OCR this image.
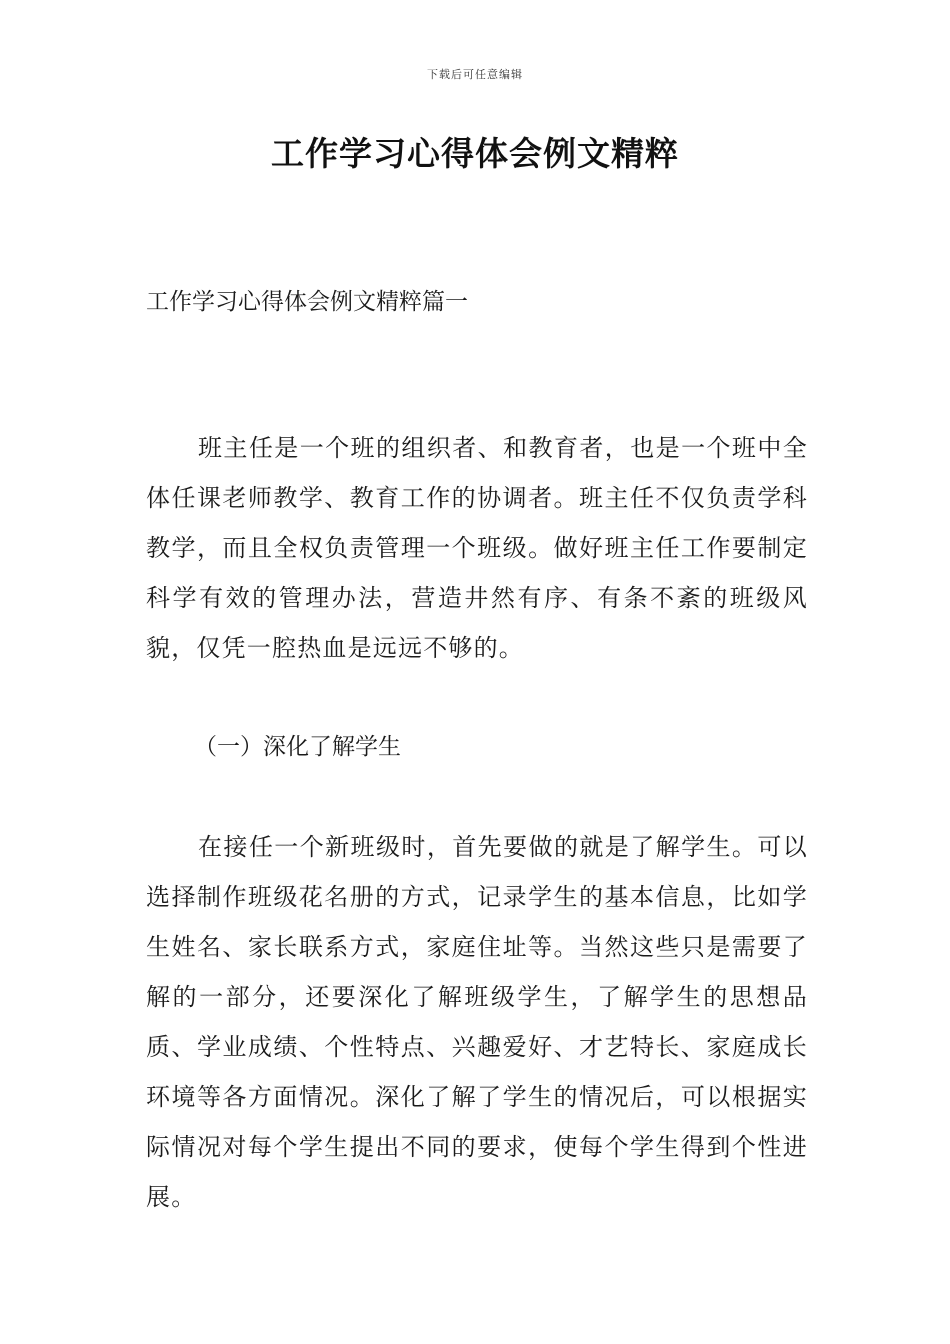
下载后可任意编辑
工作学习心得体会例文精粹
工作学习心得体会例文精粹篇一

班主任是一个班的组织者、和教育者，也是一个班中全体任课老师教学、教育工作的协调者。班主任不仅负责学科教学，而且全权负责管理一个班级。做好班主任工作要制定科学有效的管理办法，营造井然有序、有条不紊的班级风貌，仅凭一腔热血是远远不够的。

（一）深化了解学生

在接任一个新班级时，首先要做的就是了解学生。可以选择制作班级花名册的方式，记录学生的基本信息，比如学生姓名、家长联系方式，家庭住址等。当然这些只是需要了解的一部分，还要深化了解班级学生，了解学生的思想品质、学业成绩、个性特点、兴趣爱好、才艺特长、家庭成长环境等各方面情况。深化了解了学生的情况后，可以根据实际情况对每个学生提出不同的要求，使每个学生得到个性进展。
